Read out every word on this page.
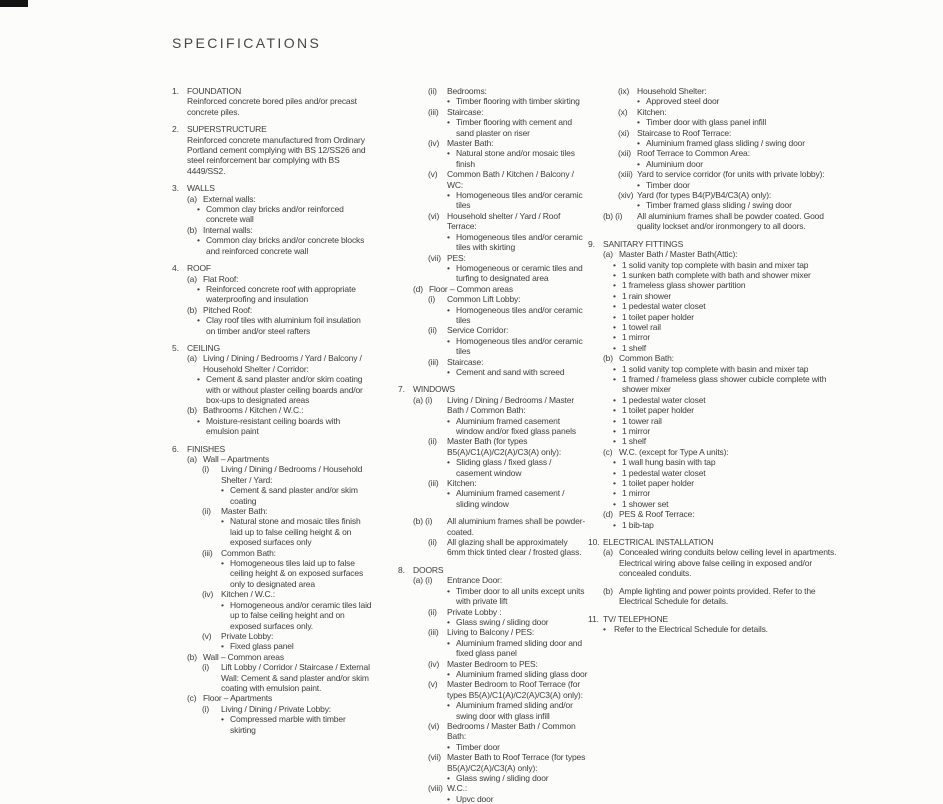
SPECIFICATIONS
1. FOUNDATION
Reinforced concrete bored piles and/or precast concrete piles.
2. SUPERSTRUCTURE
Reinforced concrete manufactured from Ordinary Portland cement complying with BS 12/SS26 and steel reinforcement bar complying with BS 4449/SS2.
3. WALLS
(a) External walls:
• Common clay bricks and/or reinforced concrete wall
(b) Internal walls:
• Common clay bricks and/or concrete blocks and reinforced concrete wall
4. ROOF
(a) Flat Roof:
• Reinforced concrete roof with appropriate waterproofing and insulation
(b) Pitched Roof:
• Clay roof tiles with aluminium foil insulation on timber and/or steel rafters
5. CEILING
(a) Living / Dining / Bedrooms / Yard / Balcony / Household Shelter / Corridor:
• Cement & sand plaster and/or skim coating with or without plaster ceiling boards and/or box-ups to designated areas
(b) Bathrooms / Kitchen / W.C.:
• Moisture-resistant ceiling boards with emulsion paint
6. FINISHES
(a) Wall – Apartments
(i)	Living / Dining / Bedrooms / Household Shelter / Yard:
• Cement & sand plaster and/or skim coating
(ii)	Master Bath:
• Natural stone and mosaic tiles finish laid up to false ceiling height & on exposed surfaces only
(iii) Common Bath:
• Homogeneous tiles laid up to false ceiling height & on exposed surfaces only to designated area
(iv) Kitchen / W.C.:
• Homogeneous and/or ceramic tiles laid up to false ceiling height and on exposed surfaces only.
(v)	Private Lobby:
• Fixed glass panel
(b) Wall – Common areas
(i)	Lift Lobby / Corridor / Staircase / External Wall: Cement & sand plaster and/or skim coating with emulsion paint.
(c) Floor – Apartments
(i)	Living / Dining / Private Lobby:
• Compressed marble with timber skirting
(ii)	Bedrooms:
• Timber flooring with timber skirting
(iii) Staircase:
• Timber flooring with cement and sand plaster on riser
(iv) Master Bath:
• Natural stone and/or mosaic tiles finish
(v)	Common Bath / Kitchen / Balcony / WC:
• Homogeneous tiles and/or ceramic tiles
(vi) Household shelter / Yard / Roof Terrace:
• Homogeneous tiles and/or ceramic tiles with skirting
(vii) PES:
• Homogeneous or ceramic tiles and turfing to designated area
(d) Floor – Common areas
(i)	Common Lift Lobby:
• Homogeneous tiles and/or ceramic tiles
(ii)	Service Corridor:
• Homogeneous tiles and/or ceramic tiles
(iii) Staircase:
• Cement and sand with screed
7. WINDOWS
(a) (i)	Living / Dining / Bedrooms / Master Bath / Common Bath:
• Aluminium framed casement window and/or fixed glass panels
(ii)	Master Bath (for types B5(A)/C1(A)/C2(A)/C3(A) only):
• Sliding glass / fixed glass / casement window
(iii) Kitchen:
• Aluminium framed casement / sliding window
(b) (i)	All aluminium frames shall be powder-coated.
(ii)	All glazing shall be approximately 6mm thick tinted clear / frosted glass.
8. DOORS
(a) (i)	Entrance Door:
• Timber door to all units except units with private lift
(ii)	Private Lobby :
• Glass swing / sliding door
(iii) Living to Balcony / PES:
• Aluminium framed sliding door and fixed glass panel
(iv) Master Bedroom to PES:
• Aluminium framed sliding glass door
(v)	Master Bedroom to Roof Terrace (for types B5(A)/C1(A)/C2(A)/C3(A) only):
• Aluminium framed sliding and/or swing door with glass infill
(vi) Bedrooms / Master Bath / Common Bath:
• Timber door
(vii) Master Bath to Roof Terrace (for types B5(A)/C2(A)/C3(A) only):
• Glass swing / sliding door
(viii) W.C.:
• Upvc door
(ix) Household Shelter:
• Approved steel door
(x)	Kitchen:
• Timber door with glass panel infill
(xi) Staircase to Roof Terrace:
• Aluminium framed glass sliding / swing door
(xii) Roof Terrace to Common Area:
• Aluminium door
(xiii) Yard to service corridor (for units with private lobby):
• Timber door
(xiv) Yard (for types B4(P)/B4/C3(A) only):
• Timber framed glass sliding / swing door
(b) (i)	All aluminium frames shall be powder coated. Good quality lockset and/or ironmongery to all doors.
9. SANITARY FITTINGS
(a) Master Bath / Master Bath(Attic):
• 1 solid vanity top complete with basin and mixer tap
• 1 sunken bath complete with bath and shower mixer
• 1 frameless glass shower partition
• 1 rain shower
• 1 pedestal water closet
• 1 toilet paper holder
• 1 towel rail
• 1 mirror
• 1 shelf
(b) Common Bath:
• 1 solid vanity top complete with basin and mixer tap
• 1 framed / frameless glass shower cubicle complete with shower mixer
• 1 pedestal water closet
• 1 toilet paper holder
• 1 tower rail
• 1 mirror
• 1 shelf
(c) W.C. (except for Type A units):
• 1 wall hung basin with tap
• 1 pedestal water closet
• 1 toilet paper holder
• 1 mirror
• 1 shower set
(d) PES & Roof Terrace:
• 1 bib-tap
10. ELECTRICAL INSTALLATION
(a) Concealed wiring conduits below ceiling level in apartments. Electrical wiring above false ceiling in exposed and/or concealed conduits.
(b) Ample lighting and power points provided. Refer to the Electrical Schedule for details.
11. TV/ TELEPHONE
• Refer to the Electrical Schedule for details.
